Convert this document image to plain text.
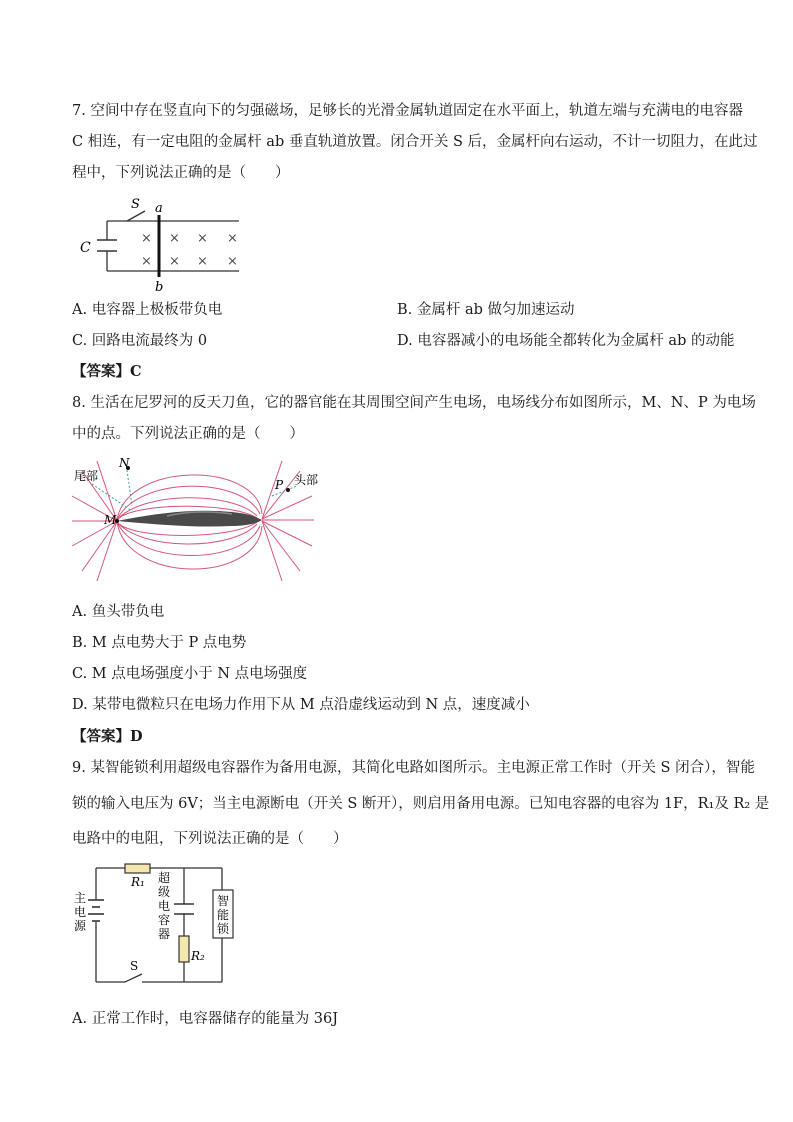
7. 空间中存在竖直向下的匀强磁场，足够长的光滑金属轨道固定在水平面上，轨道左端与充满电的电容器
C 相连，有一定电阻的金属杆 ab 垂直轨道放置。闭合开关 S 后，金属杆向右运动，不计一切阻力，在此过
程中，下列说法正确的是（　　）
× × × ×
× × × ×
S a
b
C
A. 电容器上极板带负电	B. 金属杆 ab 做匀加速运动
C. 回路电流最终为 0	D. 电容器减小的电场能全都转化为金属杆 ab 的动能
【答案】C
8. 生活在尼罗河的反天刀鱼，它的器官能在其周围空间产生电场，电场线分布如图所示，M、N、P 为电场
中的点。下列说法正确的是（　　）
尾部	头部
M
N
P
A. 鱼头带负电
B. M 点电势大于 P 点电势
C. M 点电场强度小于 N 点电场强度
D. 某带电微粒只在电场力作用下从 M 点沿虚线运动到 N 点，速度减小
【答案】D
9. 某智能锁利用超级电容器作为备用电源，其简化电路如图所示。主电源正常工作时（开关 S 闭合），智能
锁的输入电压为 6V；当主电源断电（开关 S 断开），则启用备用电源。已知电容器的电容为 1F，R₁及 R₂ 是
电路中的电阻，下列说法正确的是（　　）
主
电
源
超
级
电
容
器
智
能
锁
R₁
R₂
S
A. 正常工作时，电容器储存的能量为 36J
